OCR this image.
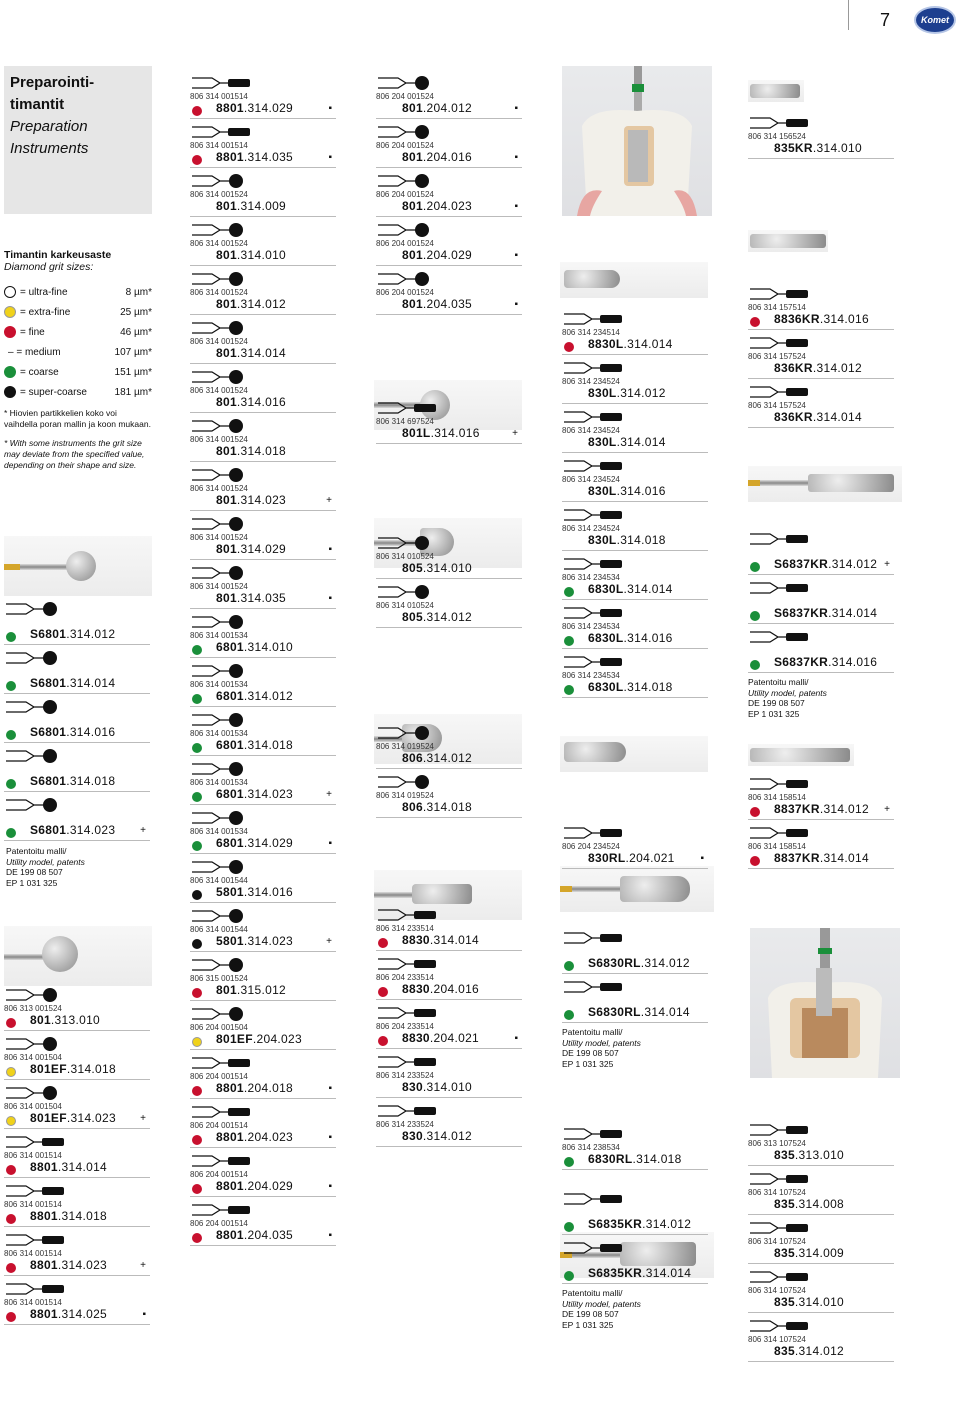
7	Komet
Preparointi-
timantit
Preparation
Instruments
Timantin karkeusaste
Diamond grit sizes:
= ultra-fine	8 µm*
= extra-fine	25 µm*
= fine	46 µm*
– = medium	107 µm*
= coarse	151 µm*
= super-coarse	181 µm*
* Hiovien partikkelien koko voi vaihdella poran mallin ja koon mukaan.
* With some instruments the grit size may deviate from the specified value, depending on their shape and size.
S6801.314.012
S6801.314.014
S6801.314.016
S6801.314.018
S6801.314.023 +
Patentoitu malli/
Utility model, patents
DE 199 08 507
EP 1 031 325
806 313 001524
801.313.010
806 314 001504
801EF.314.018
806 314 001504
801EF.314.023 +
806 314 001514
8801.314.014
806 314 001514
8801.314.018
806 314 001514
8801.314.023	+
806 314 001514
8801.314.025	▪
806 314 001514
8801.314.029	▪
806 314 001514
8801.314.035	▪
806 314 001524
801.314.009
806 314 001524
801.314.010
806 314 001524
801.314.012
806 314 001524
801.314.014
806 314 001524
801.314.016
806 314 001524
801.314.018
806 314 001524
801.314.023	+
806 314 001524
801.314.029	▪
806 314 001524
801.314.035	▪
806 314 001534
6801.314.010
806 314 001534
6801.314.012
806 314 001534
6801.314.018
806 314 001534
6801.314.023	+
806 314 001534
6801.314.029	▪
806 314 001544
5801.314.016
806 314 001544
5801.314.023	+
806 315 001524
801.315.012
806 204 001504
801EF.204.023
806 204 001514
8801.204.018	▪
806 204 001514
8801.204.023	▪
806 204 001514
8801.204.029	▪
806 204 001514
8801.204.035	▪
806 204 001524
801.204.012	▪
806 204 001524
801.204.016	▪
806 204 001524
801.204.023	▪
806 204 001524
801.204.029	▪
806 204 001524
801.204.035	▪
806 314 697524
801L.314.016	+
806 314 010524
805.314.010
806 314 010524
805.314.012
806 314 019524
806.314.012
806 314 019524
806.314.018
806 314 233514
8830.314.014
806 204 233514
8830.204.016
806 204 233514
8830.204.021	▪
806 314 233524
830.314.010
806 314 233524
830.314.012
806 314 234514
8830L.314.014
806 314 234524
830L.314.012
806 314 234524
830L.314.014
806 314 234524
830L.314.016
806 314 234524
830L.314.018
806 314 234534
6830L.314.014
806 314 234534
6830L.314.016
806 314 234534
6830L.314.018
806 204 234524
830RL.204.021	▪
S6830RL.314.012
S6830RL.314.014
Patentoitu malli/
Utility model, patents
DE 199 08 507
EP 1 031 325
806 314 238534
6830RL.314.018
S6835KR.314.012
S6835KR.314.014
Patentoitu malli/
Utility model, patents
DE 199 08 507
EP 1 031 325
806 314 156524
835KR.314.010
806 314 157514
8836KR.314.016
806 314 157524
836KR.314.012
806 314 157524
836KR.314.014
S6837KR.314.012 +
S6837KR.314.014
S6837KR.314.016
Patentoitu malli/
Utility model, patents
DE 199 08 507
EP 1 031 325
806 314 158514
8837KR.314.012 +
806 314 158514
8837KR.314.014
806 313 107524
835.313.010
806 314 107524
835.314.008
806 314 107524
835.314.009
806 314 107524
835.314.010
806 314 107524
835.314.012
